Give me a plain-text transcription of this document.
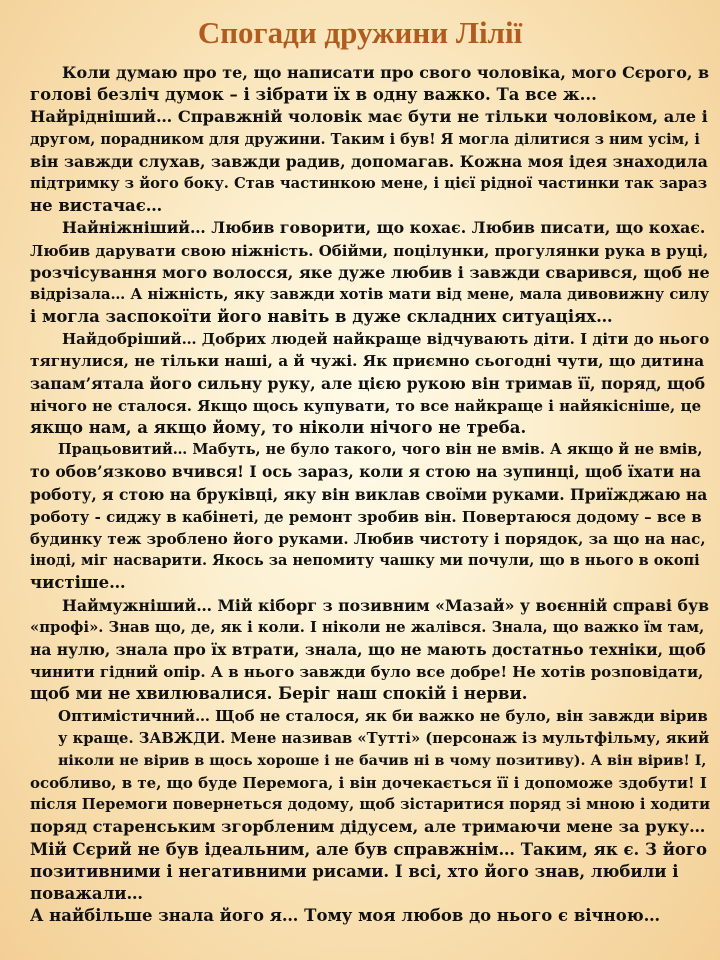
Спогади дружини Лілії
Коли думаю про те, що написати про свого чоловіка, мого Сєрого, в
голові безліч думок – і зібрати їх в одну важко. Та все ж...
Найрідніший… Справжній чоловік має бути не тільки чоловіком, але і
другом, порадником для дружини. Таким і був! Я могла ділитися з ним усім, і
він завжди слухав, завжди радив, допомагав. Кожна моя ідея знаходила
підтримку з його боку. Став частинкою мене, і цієї рідної частинки так зараз
не вистачає…
Найніжніший… Любив говорити, що кохає. Любив писати, що кохає.
Любив дарувати свою ніжність. Обійми, поцілунки, прогулянки рука в руці,
розчісування мого волосся, яке дуже любив і завжди сварився, щоб не
відрізала… А ніжність, яку завжди хотів мати від мене, мала дивовижну силу
і могла заспокоїти його навіть в дуже складних ситуаціях…
Найдобріший… Добрих людей найкраще відчувають діти. І діти до нього
тягнулися, не тільки наші, а й чужі. Як приємно сьогодні чути, що дитина
запам’ятала його сильну руку, але цією рукою він тримав її, поряд, щоб
нічого не сталося. Якщо щось купувати, то все найкраще і найякісніше, це
якщо нам, а якщо йому, то ніколи нічого не треба.
Працьовитий… Мабуть, не було такого, чого він не вмів. А якщо й не вмів,
то обов’язково вчився! І ось зараз, коли я стою на зупинці, щоб їхати на
роботу, я стою на бруківці, яку він виклав своїми руками. Приїжджаю на
роботу - сиджу в кабінеті, де ремонт зробив він. Повертаюся додому – все в
будинку теж зроблено його руками. Любив чистоту і порядок, за що на нас,
іноді, міг насварити. Якось за непомиту чашку ми почули, що в нього в окопі
чистіше…
Наймужніший… Мій кіборг з позивним «Мазай» у воєнній справі був
«профі». Знав що, де, як і коли. І ніколи не жалівся. Знала, що важко їм там,
на нулю, знала про їх втрати, знала, що не мають достатньо техніки, щоб
чинити гідний опір. А в нього завжди було все добре! Не хотів розповідати,
щоб ми не хвилювалися. Беріг наш спокій і нерви.
Оптимістичний… Щоб не сталося, як би важко не було, він завжди вірив
у краще. ЗАВЖДИ. Мене називав «Тутті» (персонаж із мультфільму, який
ніколи не вірив в щось хороше і не бачив ні в чому позитиву). А він вірив! І,
особливо, в те, що буде Перемога, і він дочекається її і допоможе здобути! І
після Перемоги повернеться додому, щоб зістаритися поряд зі мною і ходити
поряд старенським згорбленим дідусем, але тримаючи мене за руку…
Мій Сєрий не був ідеальним, але був справжнім… Таким, як є. З його
позитивними і негативними рисами. І всі, хто його знав, любили і
поважали…
А найбільше знала його я… Тому моя любов до нього є вічною…
